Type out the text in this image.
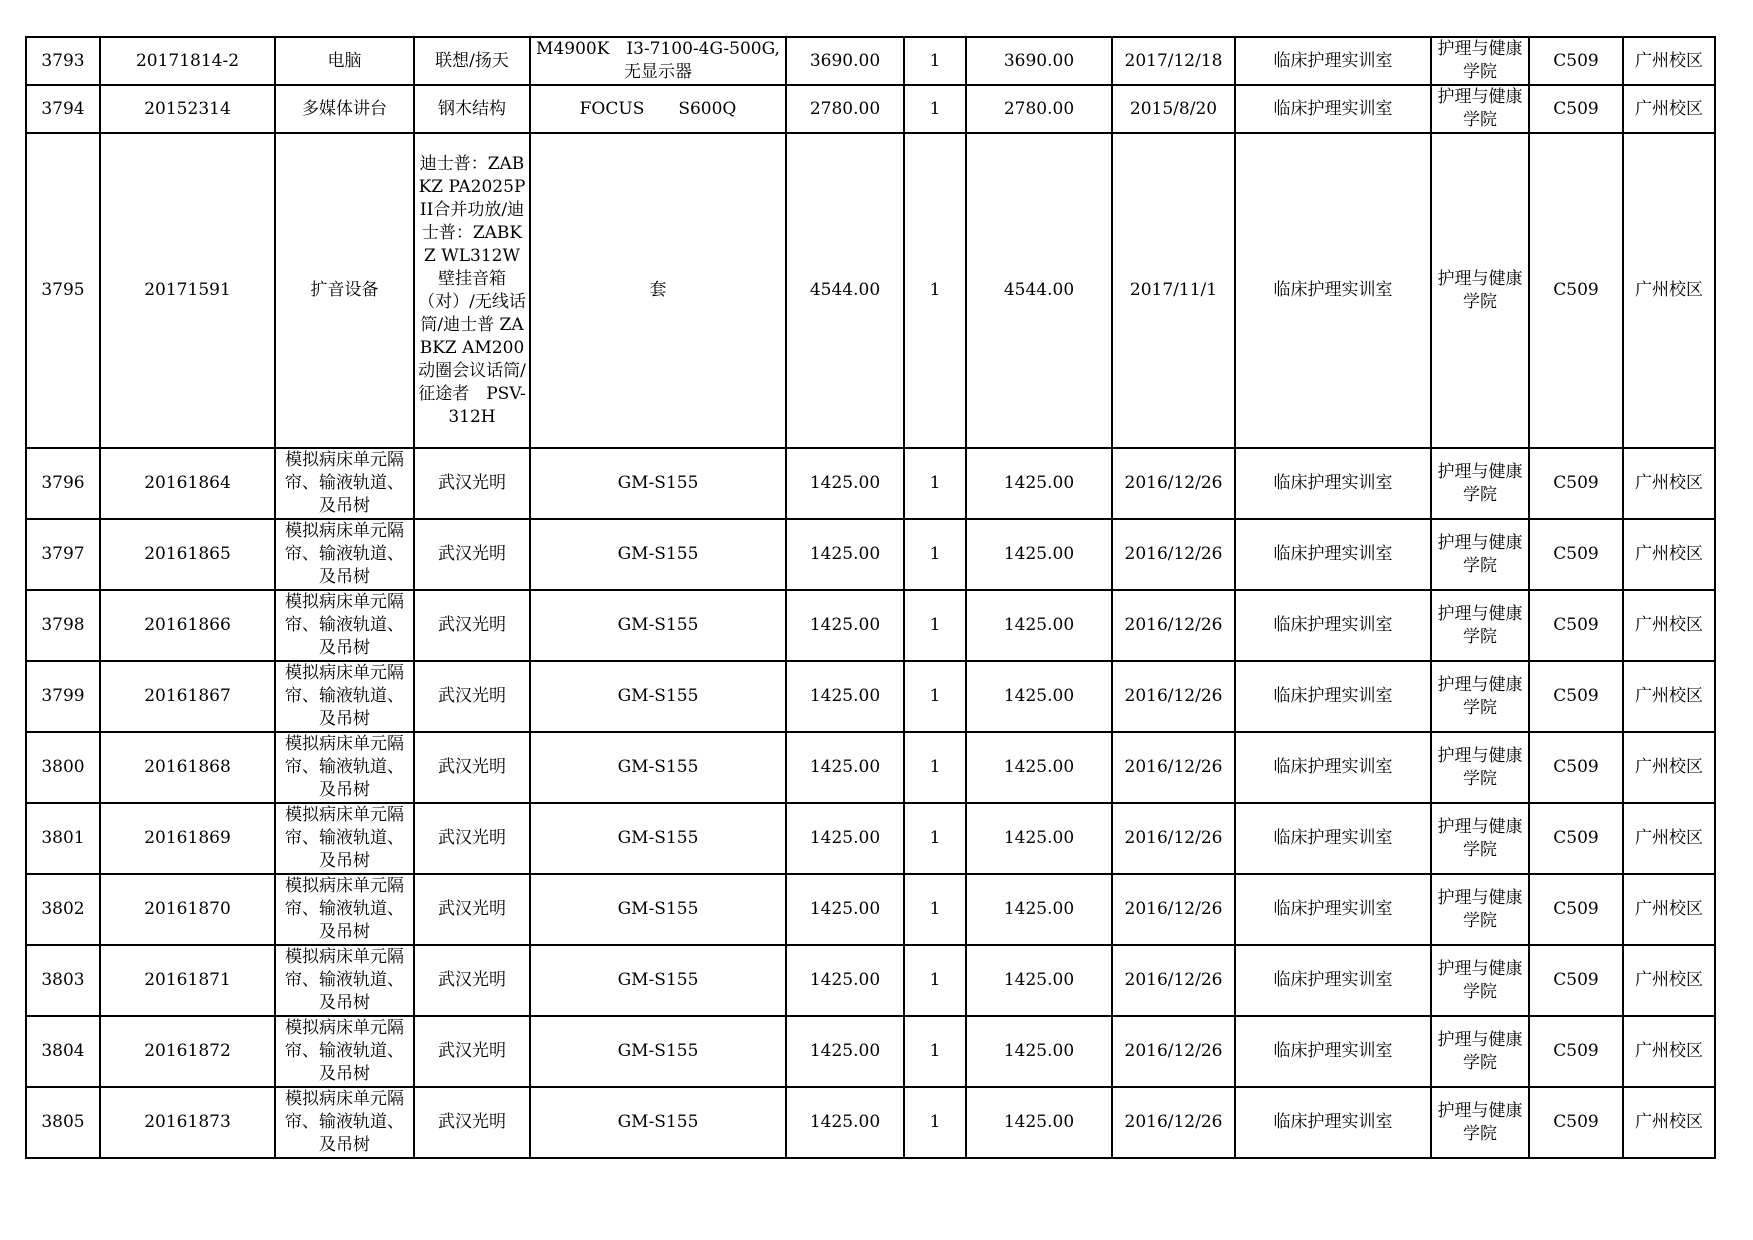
3793	20171814-2	电脑	联想/扬天	M4900K　I3-7100-4G-500G,无显示器	3690.00	1	3690.00	2017/12/18	临床护理实训室	护理与健康学院	C509	广州校区
3794	20152314	多媒体讲台	钢木结构	FOCUS　　S600Q	2780.00	1	2780.00	2015/8/20	临床护理实训室	护理与健康学院	C509	广州校区
3795	20171591	扩音设备	迪士普：ZABKZ PA2025PII合并功放/迪士普：ZABKZ WL312W壁挂音箱（对）/无线话筒/迪士普 ZABKZ AM200动圈会议话筒/征途者　PSV-312H	套	4544.00	1	4544.00	2017/11/1	临床护理实训室	护理与健康学院	C509	广州校区
3796	20161864	模拟病床单元隔帘、输液轨道、及吊树	武汉光明	GM-S155	1425.00	1	1425.00	2016/12/26	临床护理实训室	护理与健康学院	C509	广州校区
3797	20161865	模拟病床单元隔帘、输液轨道、及吊树	武汉光明	GM-S155	1425.00	1	1425.00	2016/12/26	临床护理实训室	护理与健康学院	C509	广州校区
3798	20161866	模拟病床单元隔帘、输液轨道、及吊树	武汉光明	GM-S155	1425.00	1	1425.00	2016/12/26	临床护理实训室	护理与健康学院	C509	广州校区
3799	20161867	模拟病床单元隔帘、输液轨道、及吊树	武汉光明	GM-S155	1425.00	1	1425.00	2016/12/26	临床护理实训室	护理与健康学院	C509	广州校区
3800	20161868	模拟病床单元隔帘、输液轨道、及吊树	武汉光明	GM-S155	1425.00	1	1425.00	2016/12/26	临床护理实训室	护理与健康学院	C509	广州校区
3801	20161869	模拟病床单元隔帘、输液轨道、及吊树	武汉光明	GM-S155	1425.00	1	1425.00	2016/12/26	临床护理实训室	护理与健康学院	C509	广州校区
3802	20161870	模拟病床单元隔帘、输液轨道、及吊树	武汉光明	GM-S155	1425.00	1	1425.00	2016/12/26	临床护理实训室	护理与健康学院	C509	广州校区
3803	20161871	模拟病床单元隔帘、输液轨道、及吊树	武汉光明	GM-S155	1425.00	1	1425.00	2016/12/26	临床护理实训室	护理与健康学院	C509	广州校区
3804	20161872	模拟病床单元隔帘、输液轨道、及吊树	武汉光明	GM-S155	1425.00	1	1425.00	2016/12/26	临床护理实训室	护理与健康学院	C509	广州校区
3805	20161873	模拟病床单元隔帘、输液轨道、及吊树	武汉光明	GM-S155	1425.00	1	1425.00	2016/12/26	临床护理实训室	护理与健康学院	C509	广州校区
